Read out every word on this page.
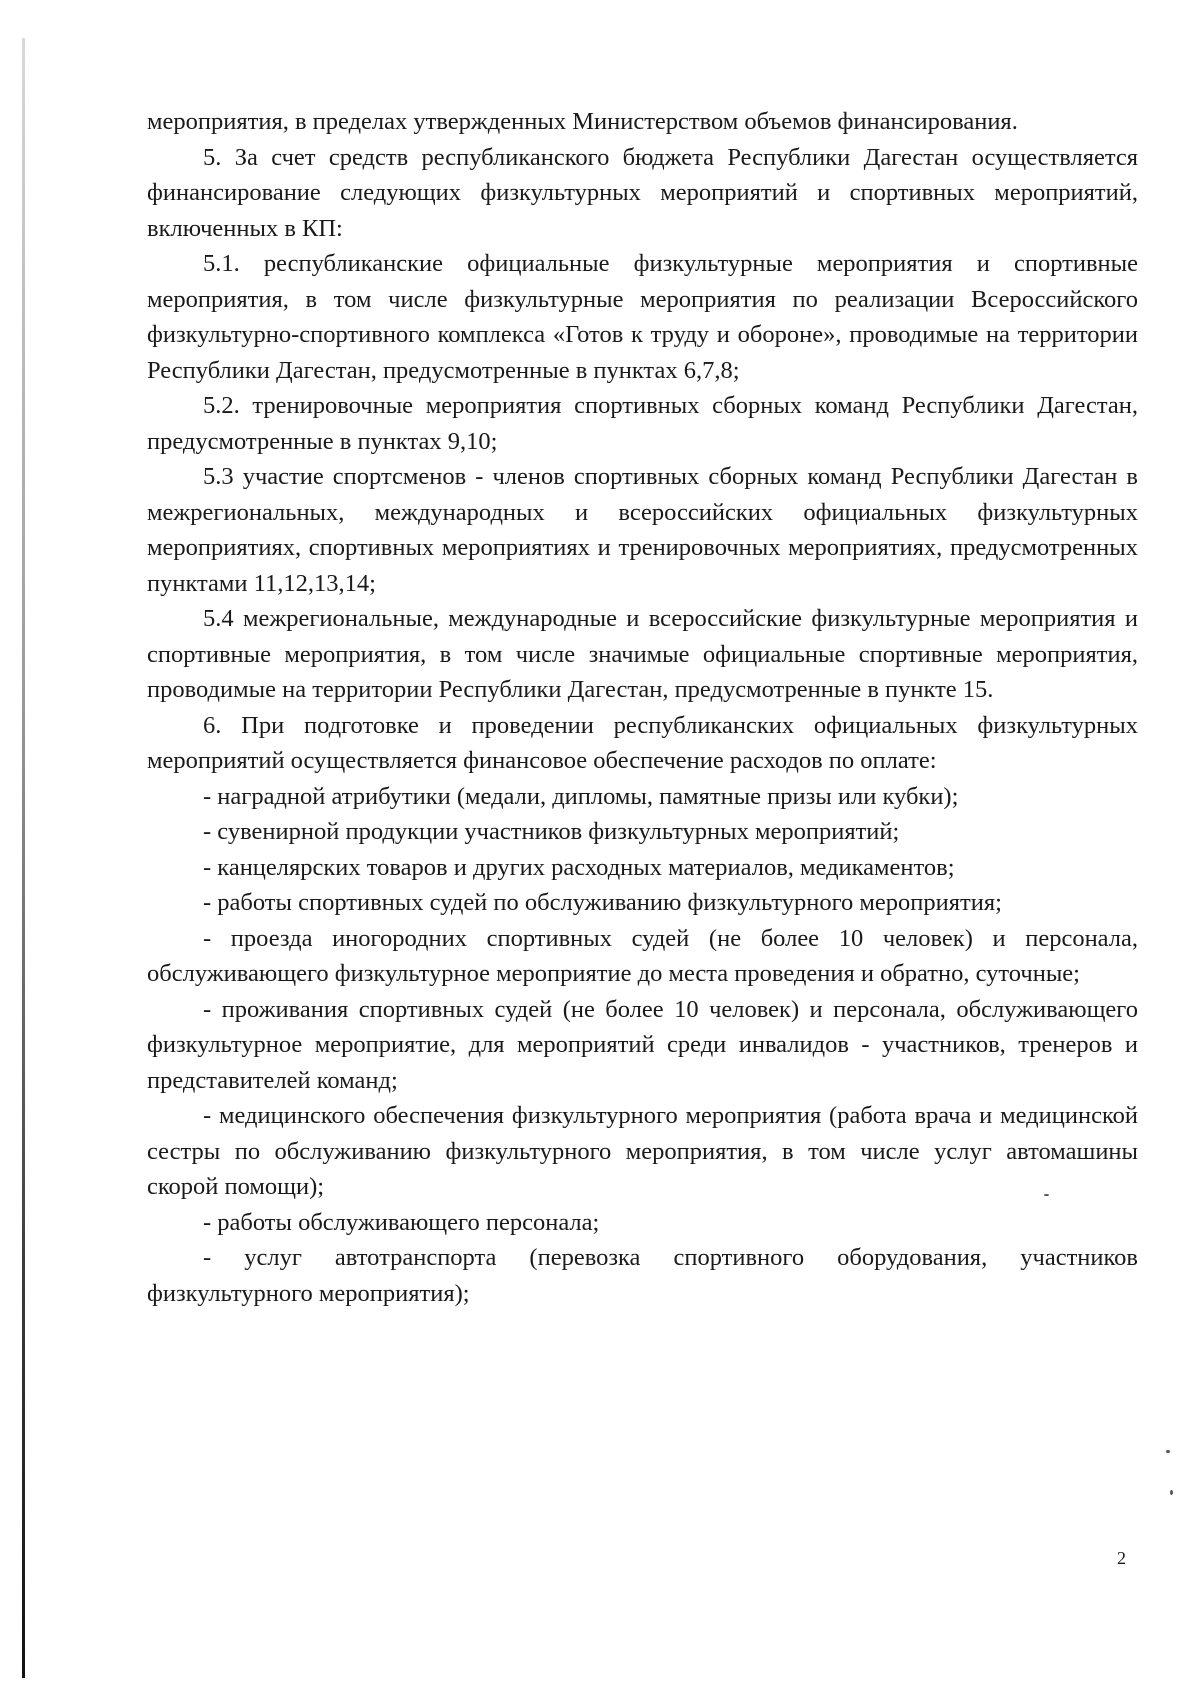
мероприятия, в пределах утвержденных Министерством объемов финансирования.

5. За счет средств республиканского бюджета Республики Дагестан осуществляется финансирование следующих физкультурных мероприятий и спортивных мероприятий, включенных в КП:

5.1. республиканские официальные физкультурные мероприятия и спортивные мероприятия, в том числе физкультурные мероприятия по реализации Всероссийского физкультурно-спортивного комплекса «Готов к труду и обороне», проводимые на территории Республики Дагестан, предусмотренные в пунктах 6,7,8;

5.2. тренировочные мероприятия спортивных сборных команд Республики Дагестан, предусмотренные в пунктах 9,10;

5.3 участие спортсменов - членов спортивных сборных команд Республики Дагестан в межрегиональных, международных и всероссийских официальных физкультурных мероприятиях, спортивных мероприятиях и тренировочных мероприятиях, предусмотренных пунктами 11,12,13,14;

5.4 межрегиональные, международные и всероссийские физкультурные мероприятия и спортивные мероприятия, в том числе значимые официальные спортивные мероприятия, проводимые на территории Республики Дагестан, предусмотренные в пункте 15.

6. При подготовке и проведении республиканских официальных физкультурных мероприятий осуществляется финансовое обеспечение расходов по оплате:

- наградной атрибутики (медали, дипломы, памятные призы или кубки);

- сувенирной продукции участников физкультурных мероприятий;

- канцелярских товаров и других расходных материалов, медикаментов;

- работы спортивных судей по обслуживанию физкультурного мероприятия;

- проезда иногородних спортивных судей (не более 10 человек) и персонала, обслуживающего физкультурное мероприятие до места проведения и обратно, суточные;

- проживания спортивных судей (не более 10 человек) и персонала, обслуживающего физкультурное мероприятие, для мероприятий среди инвалидов - участников, тренеров и представителей команд;

- медицинского обеспечения физкультурного мероприятия (работа врача и медицинской сестры по обслуживанию физкультурного мероприятия, в том числе услуг автомашины скорой помощи);

- работы обслуживающего персонала;

- услуг автотранспорта (перевозка спортивного оборудования, участников физкультурного мероприятия);

2
